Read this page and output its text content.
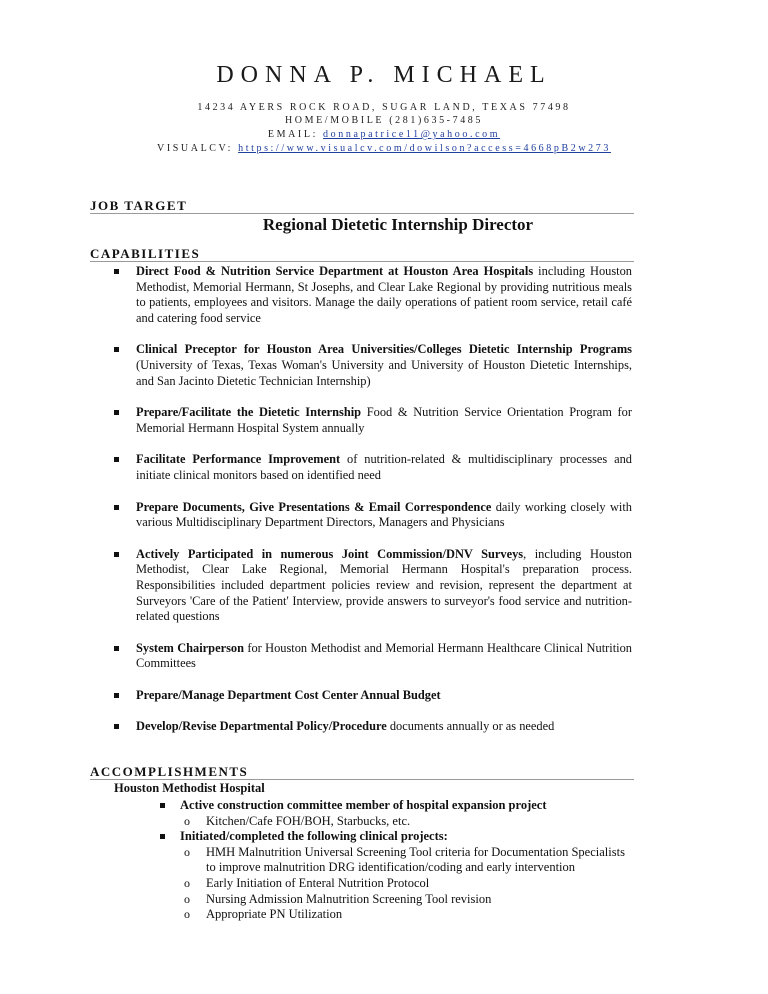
DONNA P. MICHAEL
14234 AYERS ROCK ROAD, SUGAR LAND, TEXAS 77498
HOME/MOBILE (281)635-7485
EMAIL: donnapatrice11@yahoo.com
VISUALCV: https://www.visualcv.com/dowilson?access=4668pB2w273
JOB TARGET
Regional Dietetic Internship Director
CAPABILITIES
Direct Food & Nutrition Service Department at Houston Area Hospitals including Houston Methodist, Memorial Hermann, St Josephs, and Clear Lake Regional by providing nutritious meals to patients, employees and visitors. Manage the daily operations of patient room service, retail café and catering food service
Clinical Preceptor for Houston Area Universities/Colleges Dietetic Internship Programs (University of Texas, Texas Woman's University and University of Houston Dietetic Internships, and San Jacinto Dietetic Technician Internship)
Prepare/Facilitate the Dietetic Internship Food & Nutrition Service Orientation Program for Memorial Hermann Hospital System annually
Facilitate Performance Improvement of nutrition-related & multidisciplinary processes and initiate clinical monitors based on identified need
Prepare Documents, Give Presentations & Email Correspondence daily working closely with various Multidisciplinary Department Directors, Managers and Physicians
Actively Participated in numerous Joint Commission/DNV Surveys, including Houston Methodist, Clear Lake Regional, Memorial Hermann Hospital's preparation process. Responsibilities included department policies review and revision, represent the department at Surveyors 'Care of the Patient' Interview, provide answers to surveyor's food service and nutrition-related questions
System Chairperson for Houston Methodist and Memorial Hermann Healthcare Clinical Nutrition Committees
Prepare/Manage Department Cost Center Annual Budget
Develop/Revise Departmental Policy/Procedure documents annually or as needed
ACCOMPLISHMENTS
Houston Methodist Hospital
Active construction committee member of hospital expansion project
o Kitchen/Cafe FOH/BOH, Starbucks, etc.
Initiated/completed the following clinical projects:
o HMH Malnutrition Universal Screening Tool criteria for Documentation Specialists to improve malnutrition DRG identification/coding and early intervention
o Early Initiation of Enteral Nutrition Protocol
o Nursing Admission Malnutrition Screening Tool revision
o Appropriate PN Utilization
